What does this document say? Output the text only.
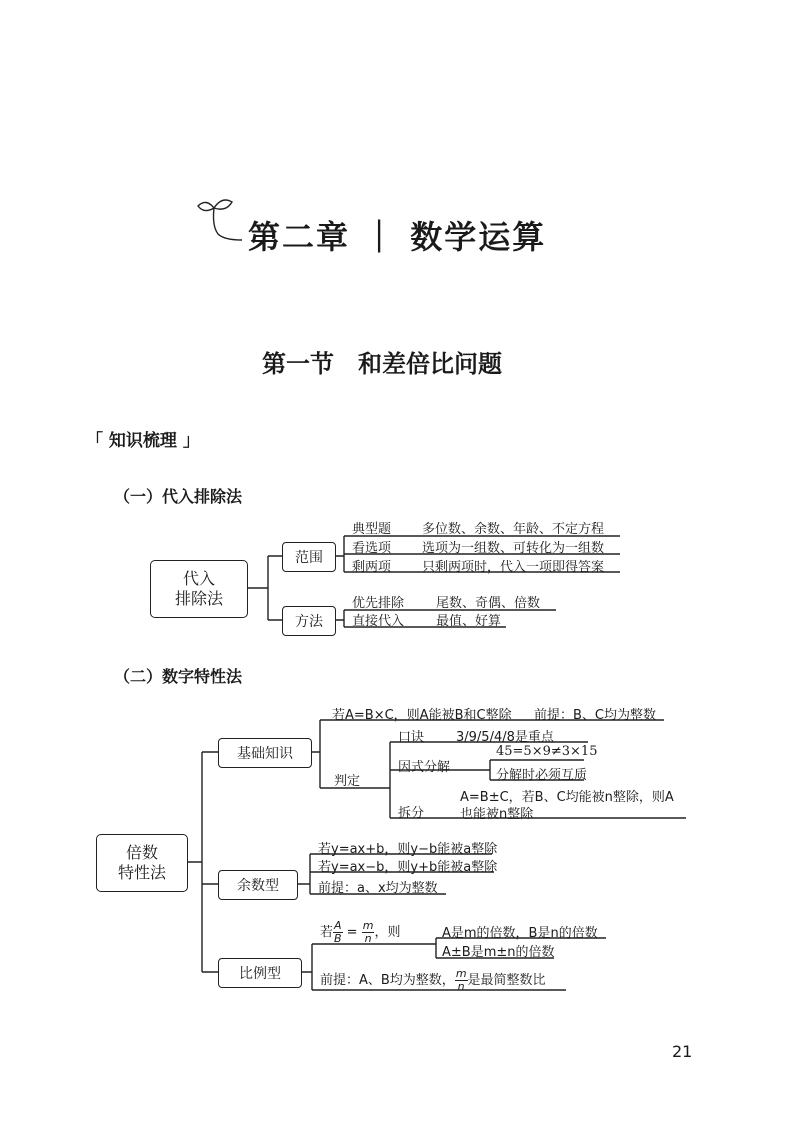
第二章 ｜ 数学运算
第一节　和差倍比问题
「 知识梳理 」
（一）代入排除法
代入
排除法
范围
方法
典型题 多位数、余数、年龄、不定方程
看选项 选项为一组数、可转化为一组数
剩两项 只剩两项时，代入一项即得答案
优先排除 尾数、奇偶、倍数
直接代入 最值、好算
（二）数字特性法
倍数
特性法
基础知识
余数型
比例型
若A=B×C，则A能被B和C整除 前提：B、C均为整数
判定
口诀 3/9/5/4/8是重点
因式分解
45=5×9≠3×15
分解时必须互质
拆分
A=B±C，若B、C均能被n整除，则A
也能被n整除
若y=ax+b，则y−b能被a整除
若y=ax−b，则y+b能被a整除
前提：a、x均为整数
若 $\frac{A}{B} = \frac{m}{n}$ ，则	A是m的倍数，B是n的倍数
A±B是m±n的倍数
前提：A、B均为整数， $\frac{m}{n}$ 是最简整数比
21
